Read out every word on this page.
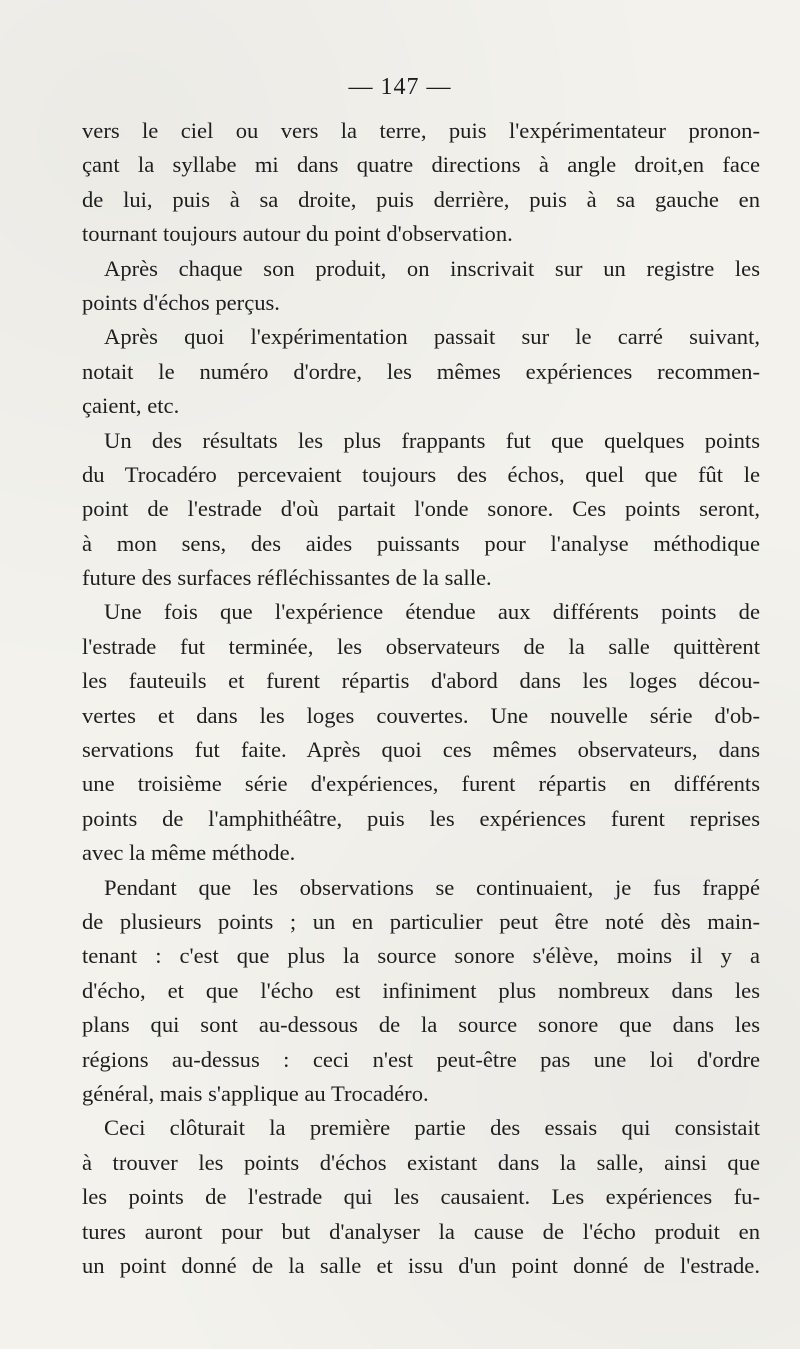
— 147 —
vers le ciel ou vers la terre, puis l'expérimentateur pronon-
çant la syllabe mi dans quatre directions à angle droit,en face
de lui, puis à sa droite, puis derrière, puis à sa gauche en
tournant toujours autour du point d'observation.
Après chaque son produit, on inscrivait sur un registre les
points d'échos perçus.
Après quoi l'expérimentation passait sur le carré suivant,
notait le numéro d'ordre, les mêmes expériences recommen-
çaient, etc.
Un des résultats les plus frappants fut que quelques points
du Trocadéro percevaient toujours des échos, quel que fût le
point de l'estrade d'où partait l'onde sonore. Ces points seront,
à mon sens, des aides puissants pour l'analyse méthodique
future des surfaces réfléchissantes de la salle.
Une fois que l'expérience étendue aux différents points de
l'estrade fut terminée, les observateurs de la salle quittèrent
les fauteuils et furent répartis d'abord dans les loges décou-
vertes et dans les loges couvertes. Une nouvelle série d'ob-
servations fut faite. Après quoi ces mêmes observateurs, dans
une troisième série d'expériences, furent répartis en différents
points de l'amphithéâtre, puis les expériences furent reprises
avec la même méthode.
Pendant que les observations se continuaient, je fus frappé
de plusieurs points ; un en particulier peut être noté dès main-
tenant : c'est que plus la source sonore s'élève, moins il y a
d'écho, et que l'écho est infiniment plus nombreux dans les
plans qui sont au-dessous de la source sonore que dans les
régions au-dessus : ceci n'est peut-être pas une loi d'ordre
général, mais s'applique au Trocadéro.
Ceci clôturait la première partie des essais qui consistait
à trouver les points d'échos existant dans la salle, ainsi que
les points de l'estrade qui les causaient. Les expériences fu-
tures auront pour but d'analyser la cause de l'écho produit en
un point donné de la salle et issu d'un point donné de l'estrade.
